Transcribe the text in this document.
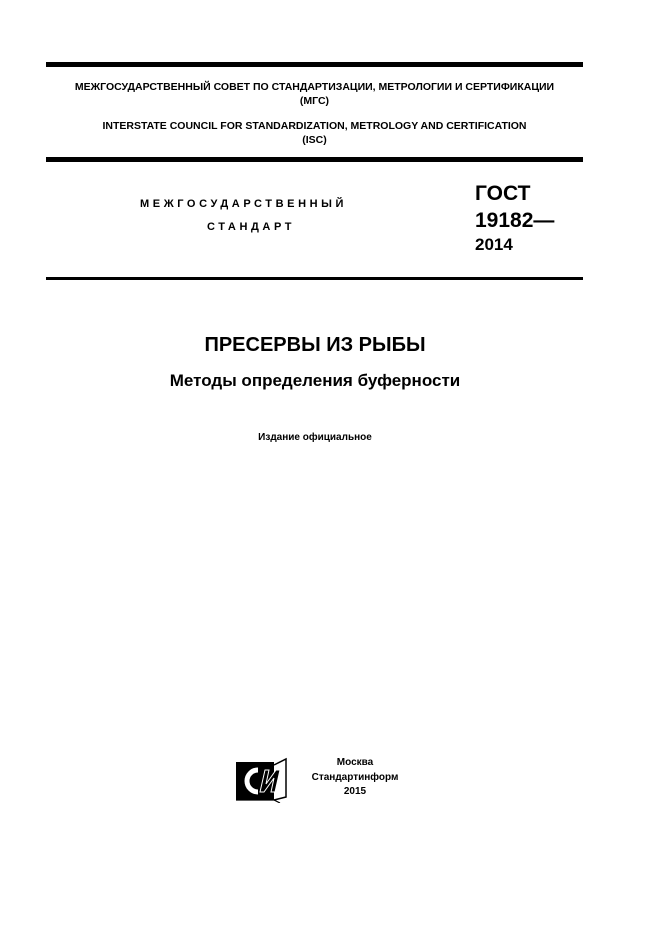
МЕЖГОСУДАРСТВЕННЫЙ СОВЕТ ПО СТАНДАРТИЗАЦИИ, МЕТРОЛОГИИ И СЕРТИФИКАЦИИ
(МГС)
INTERSTATE COUNCIL FOR STANDARDIZATION, METROLOGY AND CERTIFICATION
(ISC)
МЕЖГОСУДАРСТВЕННЫЙ
СТАНДАРТ
ГОСТ
19182—
2014
ПРЕСЕРВЫ ИЗ РЫБЫ
Методы определения буферности
Издание официальное
Москва
Стандартинформ
2015
